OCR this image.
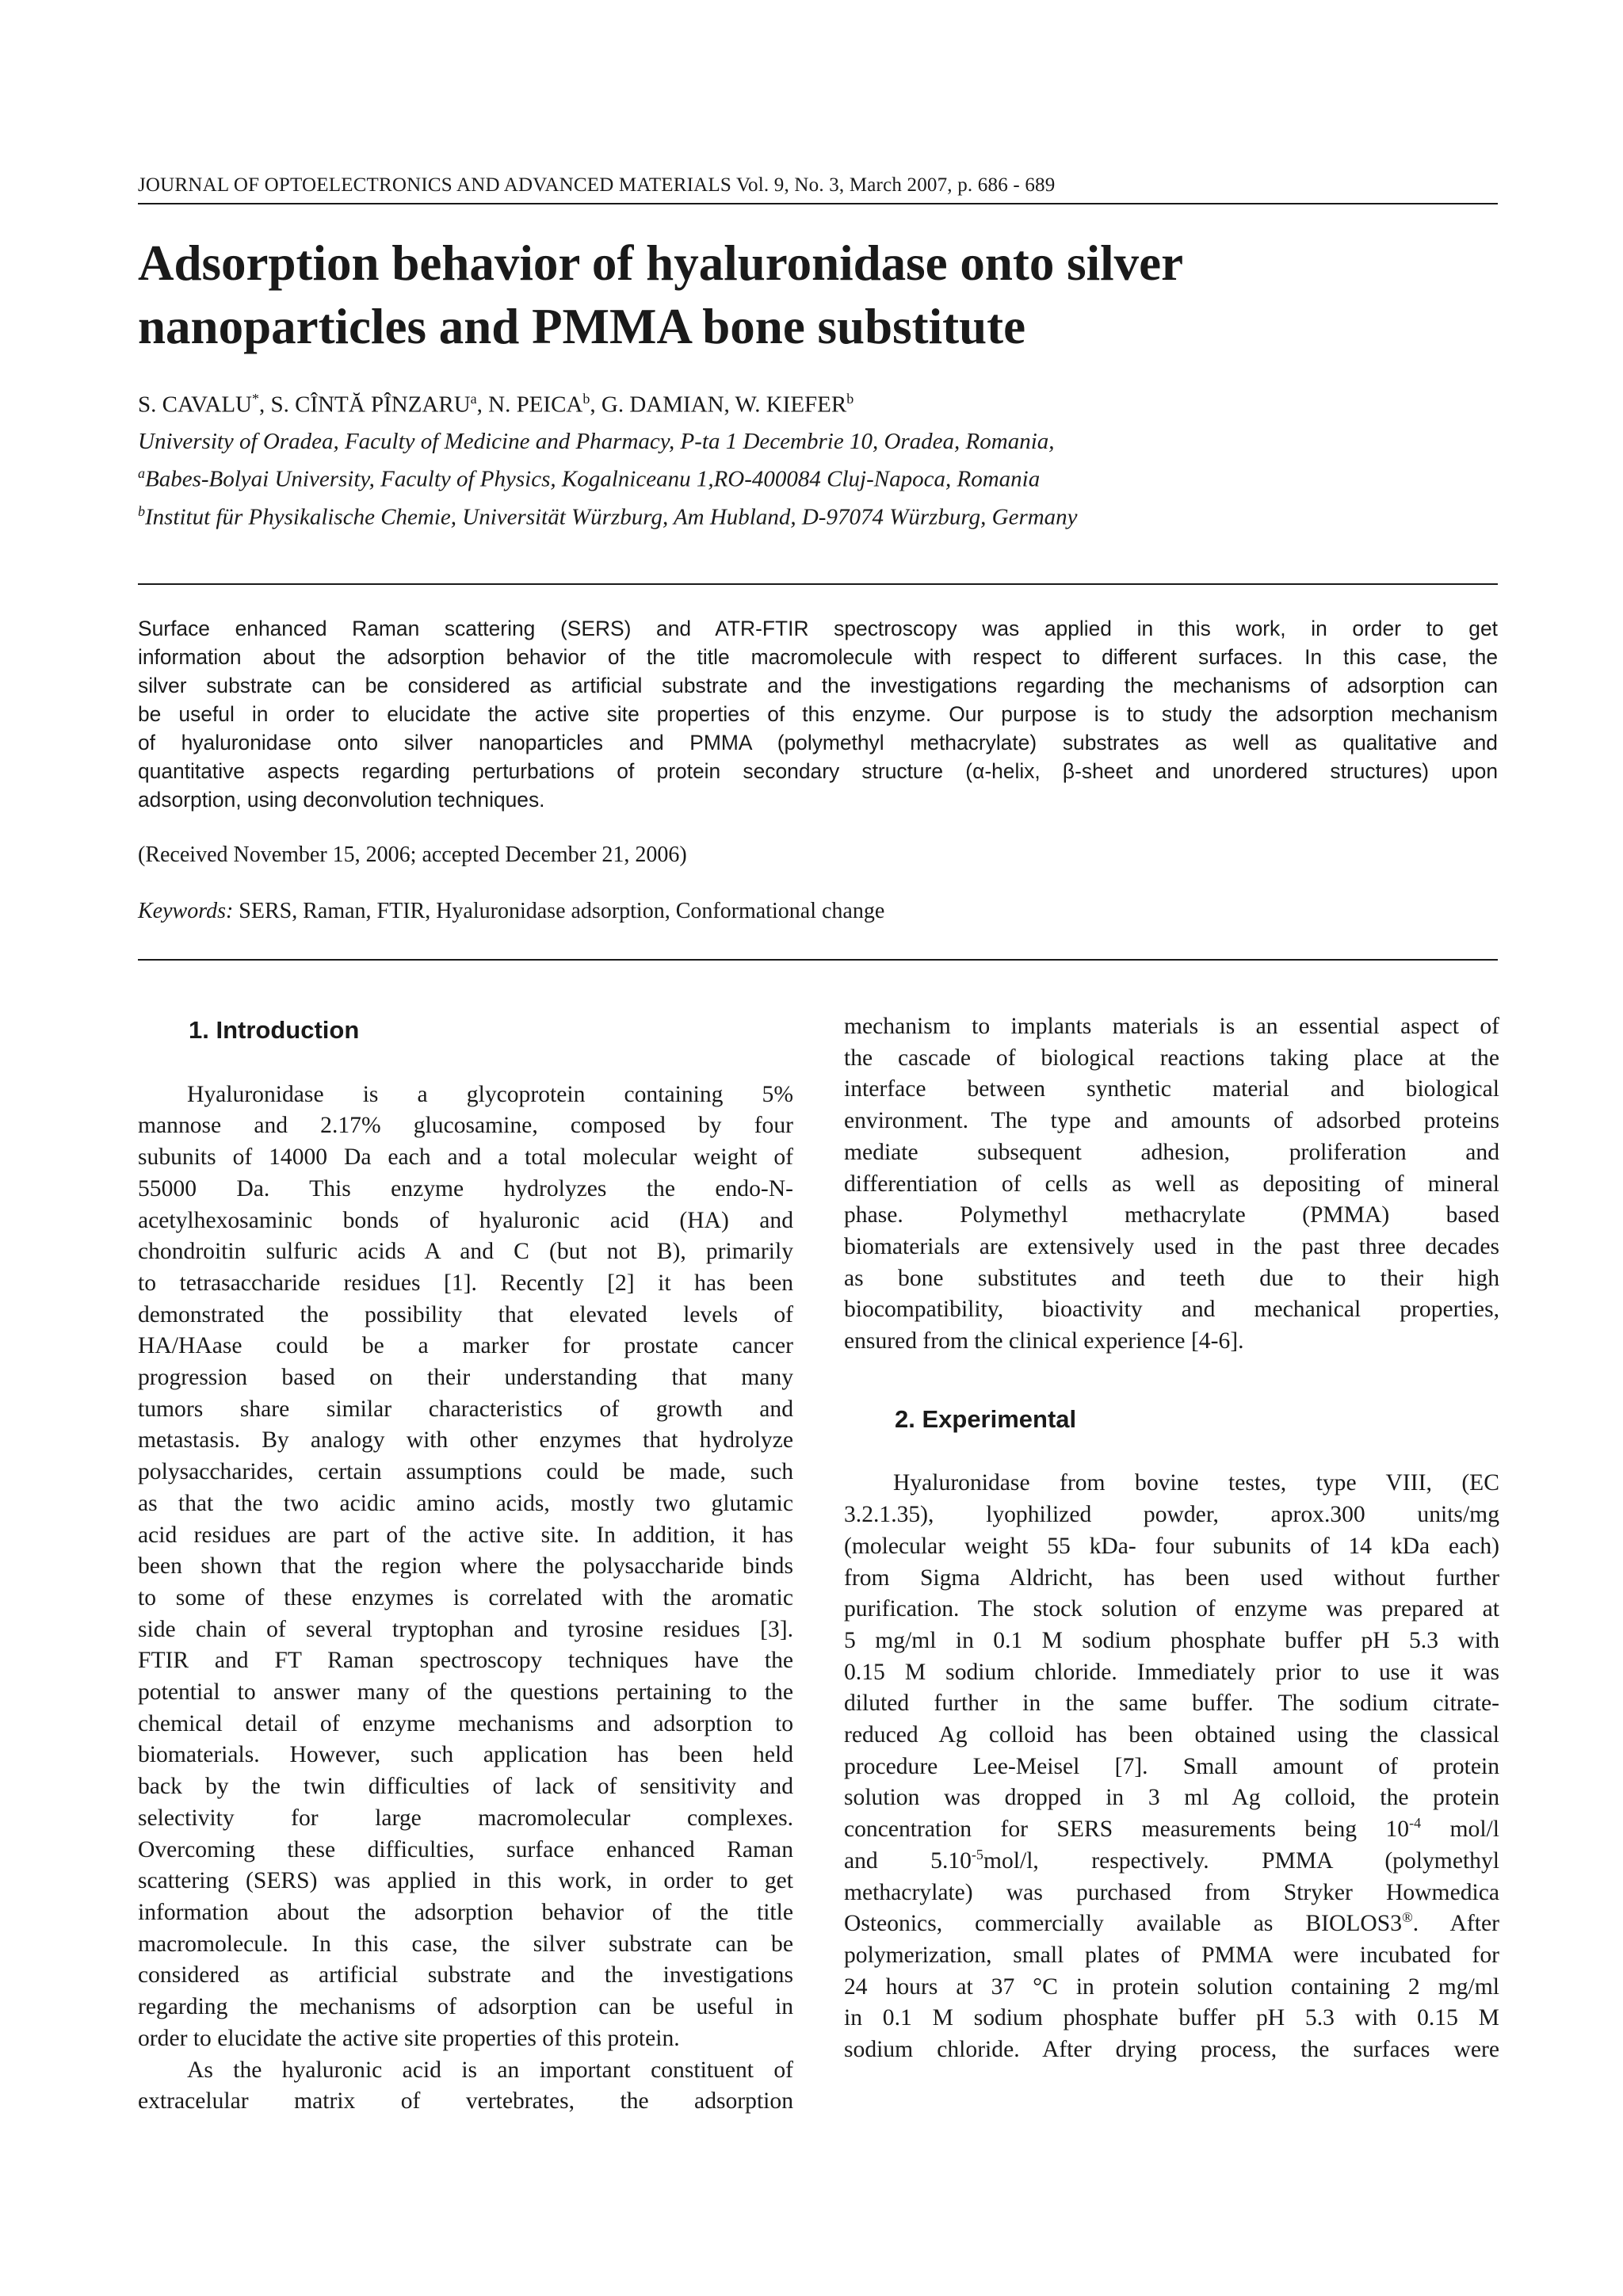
JOURNAL OF OPTOELECTRONICS AND ADVANCED MATERIALS Vol. 9, No. 3, March 2007, p. 686 - 689
Adsorption behavior of hyaluronidase onto silver
nanoparticles and PMMA bone substitute
S. CAVALU*, S. CÎNTĂ PÎNZARU$^a$, N. PEICA$^b$, G. DAMIAN, W. KIEFER$^b$
University of Oradea, Faculty of Medicine and Pharmacy, P-ta 1 Decembrie 10, Oradea, Romania,
$^a$Babes-Bolyai University, Faculty of Physics, Kogalniceanu 1,RO-400084 Cluj-Napoca, Romania
$^b$Institut für Physikalische Chemie, Universität Würzburg, Am Hubland, D-97074 Würzburg, Germany
Surface enhanced Raman scattering (SERS) and ATR-FTIR spectroscopy was applied in this work, in order to get
information about the adsorption behavior of the title macromolecule with respect to different surfaces. In this case, the
silver substrate can be considered as artificial substrate and the investigations regarding the mechanisms of adsorption can
be useful in order to elucidate the active site properties of this enzyme. Our purpose is to study the adsorption mechanism
of hyaluronidase onto silver nanoparticles and PMMA (polymethyl methacrylate) substrates as well as qualitative and
quantitative aspects regarding perturbations of protein secondary structure (α-helix, β-sheet and unordered structures) upon
adsorption, using deconvolution techniques.
(Received November 15, 2006; accepted December 21, 2006)
Keywords: SERS, Raman, FTIR, Hyaluronidase adsorption, Conformational change
1. Introduction
Hyaluronidase is a glycoprotein containing 5%
mannose and 2.17% glucosamine, composed by four
subunits of 14000 Da each and a total molecular weight of
55000 Da. This enzyme hydrolyzes the endo-N-
acetylhexosaminic bonds of hyaluronic acid (HA) and
chondroitin sulfuric acids A and C (but not B), primarily
to tetrasaccharide residues [1]. Recently [2] it has been
demonstrated the possibility that elevated levels of
HA/HAase could be a marker for prostate cancer
progression based on their understanding that many
tumors share similar characteristics of growth and
metastasis. By analogy with other enzymes that hydrolyze
polysaccharides, certain assumptions could be made, such
as that the two acidic amino acids, mostly two glutamic
acid residues are part of the active site. In addition, it has
been shown that the region where the polysaccharide binds
to some of these enzymes is correlated with the aromatic
side chain of several tryptophan and tyrosine residues [3].
FTIR and FT Raman spectroscopy techniques have the
potential to answer many of the questions pertaining to the
chemical detail of enzyme mechanisms and adsorption to
biomaterials. However, such application has been held
back by the twin difficulties of lack of sensitivity and
selectivity for large macromolecular complexes.
Overcoming these difficulties, surface enhanced Raman
scattering (SERS) was applied in this work, in order to get
information about the adsorption behavior of the title
macromolecule. In this case, the silver substrate can be
considered as artificial substrate and the investigations
regarding the mechanisms of adsorption can be useful in
order to elucidate the active site properties of this protein.
As the hyaluronic acid is an important constituent of
extracelular matrix of vertebrates, the adsorption
mechanism to implants materials is an essential aspect of
the cascade of biological reactions taking place at the
interface between synthetic material and biological
environment. The type and amounts of adsorbed proteins
mediate subsequent adhesion, proliferation and
differentiation of cells as well as depositing of mineral
phase. Polymethyl methacrylate (PMMA) based
biomaterials are extensively used in the past three decades
as bone substitutes and teeth due to their high
biocompatibility, bioactivity and mechanical properties,
ensured from the clinical experience [4-6].
2. Experimental
Hyaluronidase from bovine testes, type VIII, (EC
3.2.1.35), lyophilized powder, aprox.300 units/mg
(molecular weight 55 kDa- four subunits of 14 kDa each)
from Sigma Aldricht, has been used without further
purification. The stock solution of enzyme was prepared at
5 mg/ml in 0.1 M sodium phosphate buffer pH 5.3 with
0.15 M sodium chloride. Immediately prior to use it was
diluted further in the same buffer. The sodium citrate-
reduced Ag colloid has been obtained using the classical
procedure Lee-Meisel [7]. Small amount of protein
solution was dropped in 3 ml Ag colloid, the protein
concentration for SERS measurements being $10^{-4}$ mol/l
and $5.10^{-5}mol/l$, respectively. PMMA (polymethyl
methacrylate) was purchased from Stryker Howmedica
Osteonics, commercially available as BIOLOS3®. After
polymerization, small plates of PMMA were incubated for
24 hours at 37 °C in protein solution containing 2 mg/ml
in 0.1 M sodium phosphate buffer pH 5.3 with 0.15 M
sodium chloride. After drying process, the surfaces were
